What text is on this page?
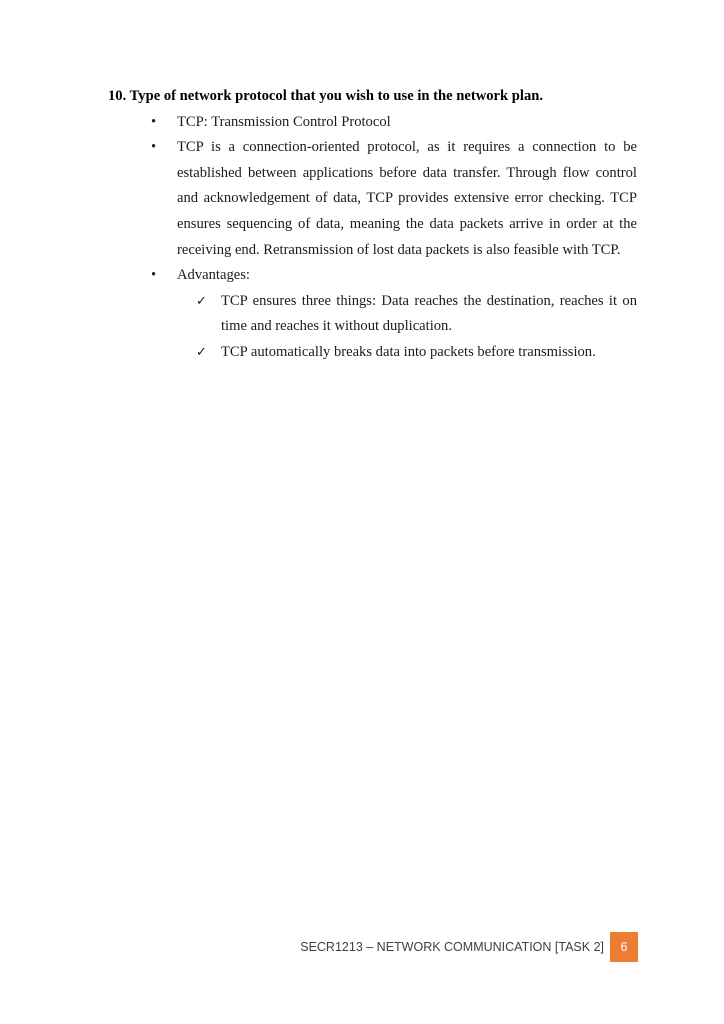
10. Type of network protocol that you wish to use in the network plan.
•	TCP: Transmission Control Protocol
•	TCP is a connection-oriented protocol, as it requires a connection to be established between applications before data transfer. Through flow control and acknowledgement of data, TCP provides extensive error checking. TCP ensures sequencing of data, meaning the data packets arrive in order at the receiving end. Retransmission of lost data packets is also feasible with TCP.
•	Advantages:
✓ TCP ensures three things: Data reaches the destination, reaches it on time and reaches it without duplication.
✓ TCP automatically breaks data into packets before transmission.
SECR1213 – NETWORK COMMUNICATION [TASK 2]	6
